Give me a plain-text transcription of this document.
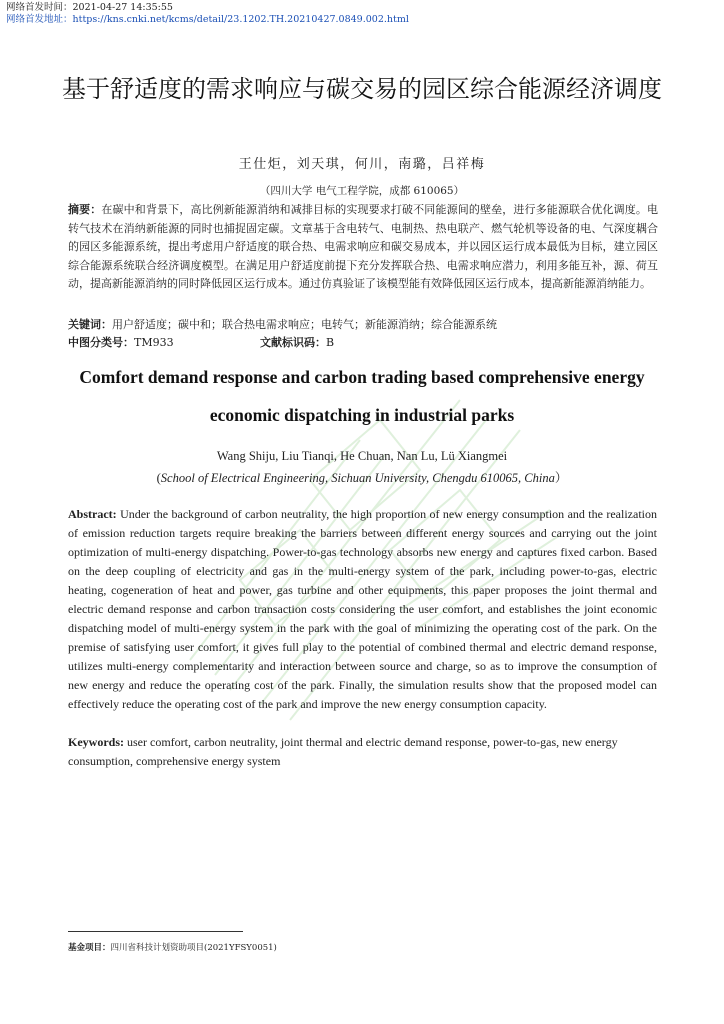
网络首发时间：2021-04-27 14:35:55
网络首发地址：https://kns.cnki.net/kcms/detail/23.1202.TH.20210427.0849.002.html
基于舒适度的需求响应与碳交易的园区综合能源经济调度
王仕炬，刘天琪，何川，南璐，吕祥梅
（四川大学 电气工程学院，成都 610065）
摘要：在碳中和背景下，高比例新能源消纳和减排目标的实现要求打破不同能源间的壁垒，进行多能源联合优化调度。电转气技术在消纳新能源的同时也捕捉固定碳。文章基于含电转气、电制热、热电联产、燃气轮机等设备的电、气深度耦合的园区多能源系统，提出考虑用户舒适度的联合热、电需求响应和碳交易成本，并以园区运行成本最低为目标，建立园区综合能源系统联合经济调度模型。在满足用户舒适度前提下充分发挥联合热、电需求响应潜力，利用多能互补，源、荷互动，提高新能源消纳的同时降低园区运行成本。通过仿真验证了该模型能有效降低园区运行成本，提高新能源消纳能力。
关键词：用户舒适度；碳中和；联合热电需求响应；电转气；新能源消纳；综合能源系统
中图分类号：TM933	文献标识码：B
Comfort demand response and carbon trading based comprehensive energy economic dispatching in industrial parks
Wang Shiju, Liu Tianqi, He Chuan, Nan Lu, Lü Xiangmei
(School of Electrical Engineering, Sichuan University, Chengdu 610065, China）
Abstract: Under the background of carbon neutrality, the high proportion of new energy consumption and the realization of emission reduction targets require breaking the barriers between different energy sources and carrying out the joint optimization of multi-energy dispatching. Power-to-gas technology absorbs new energy and captures fixed carbon. Based on the deep coupling of electricity and gas in the multi-energy system of the park, including power-to-gas, electric heating, cogeneration of heat and power, gas turbine and other equipments, this paper proposes the joint thermal and electric demand response and carbon transaction costs considering the user comfort, and establishes the joint economic dispatching model of multi-energy system in the park with the goal of minimizing the operating cost of the park. On the premise of satisfying user comfort, it gives full play to the potential of combined thermal and electric demand response, utilizes multi-energy complementarity and interaction between source and charge, so as to improve the consumption of new energy and reduce the operating cost of the park. Finally, the simulation results show that the proposed model can effectively reduce the operating cost of the park and improve the new energy consumption capacity.
Keywords: user comfort, carbon neutrality, joint thermal and electric demand response, power-to-gas, new energy consumption, comprehensive energy system
基金项目：四川省科技计划资助项目(2021YFSY0051)
